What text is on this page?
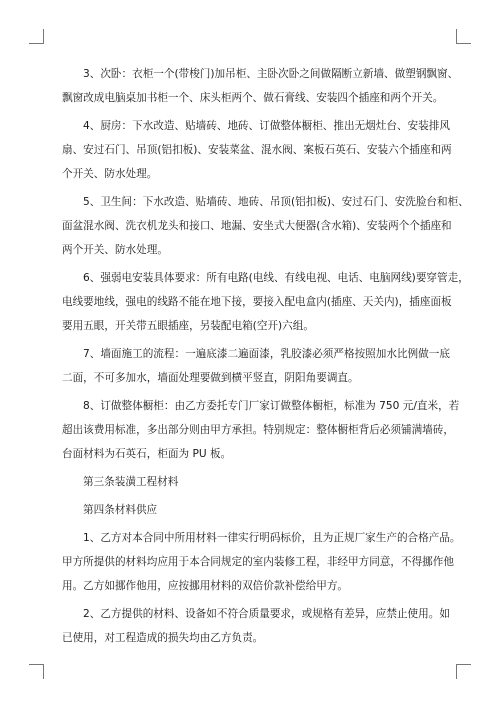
3、次卧：衣柜一个(带梭门)加吊柜、主卧次卧之间做隔断立新墙、做塑钢飘窗、
飘窗改成电脑桌加书柜一个、床头柜两个、做石膏线、安装四个插座和两个开关。
4、厨房：下水改造、贴墙砖、地砖、订做整体橱柜、推出无烟灶台、安装排风
扇、安过石门、吊顶(铝扣板)、安装菜盆、混水阀、案板石英石、安装六个插座和两
个开关、防水处理。
5、卫生间：下水改造、贴墙砖、地砖、吊顶(铝扣板)、安过石门、安洗脸台和柜、
面盆混水阀、洗衣机龙头和接口、地漏、安坐式大便器(含水箱)、安装两个个插座和
两个开关、防水处理。
6、强弱电安装具体要求：所有电路(电线、有线电视、电话、电脑网线)要穿管走，
电线要地线，强电的线路不能在地下接，要接入配电盒内(插座、天关内)，插座面板
要用五眼，开关带五眼插座，另装配电箱(空开)六组。
7、墙面施工的流程：一遍底漆二遍面漆，乳胶漆必须严格按照加水比例做一底
二面，不可多加水，墙面处理要做到横平竖直，阴阳角要调直。
8、订做整体橱柜：由乙方委托专门厂家订做整体橱柜，标准为 750 元/直米，若
超出该费用标准，多出部分则由甲方承担。特别规定：整体橱柜背后必须铺满墙砖，
台面材料为石英石，柜面为 PU 板。
第三条装潢工程材料
第四条材料供应
1、乙方对本合同中所用材料一律实行明码标价，且为正规厂家生产的合格产品。
甲方所提供的材料均应用于本合同规定的室内装修工程，非经甲方同意，不得挪作他
用。乙方如挪作他用，应按挪用材料的双倍价款补偿给甲方。
2、乙方提供的材料、设备如不符合质量要求，或规格有差异，应禁止使用。如
已使用，对工程造成的损失均由乙方负责。
